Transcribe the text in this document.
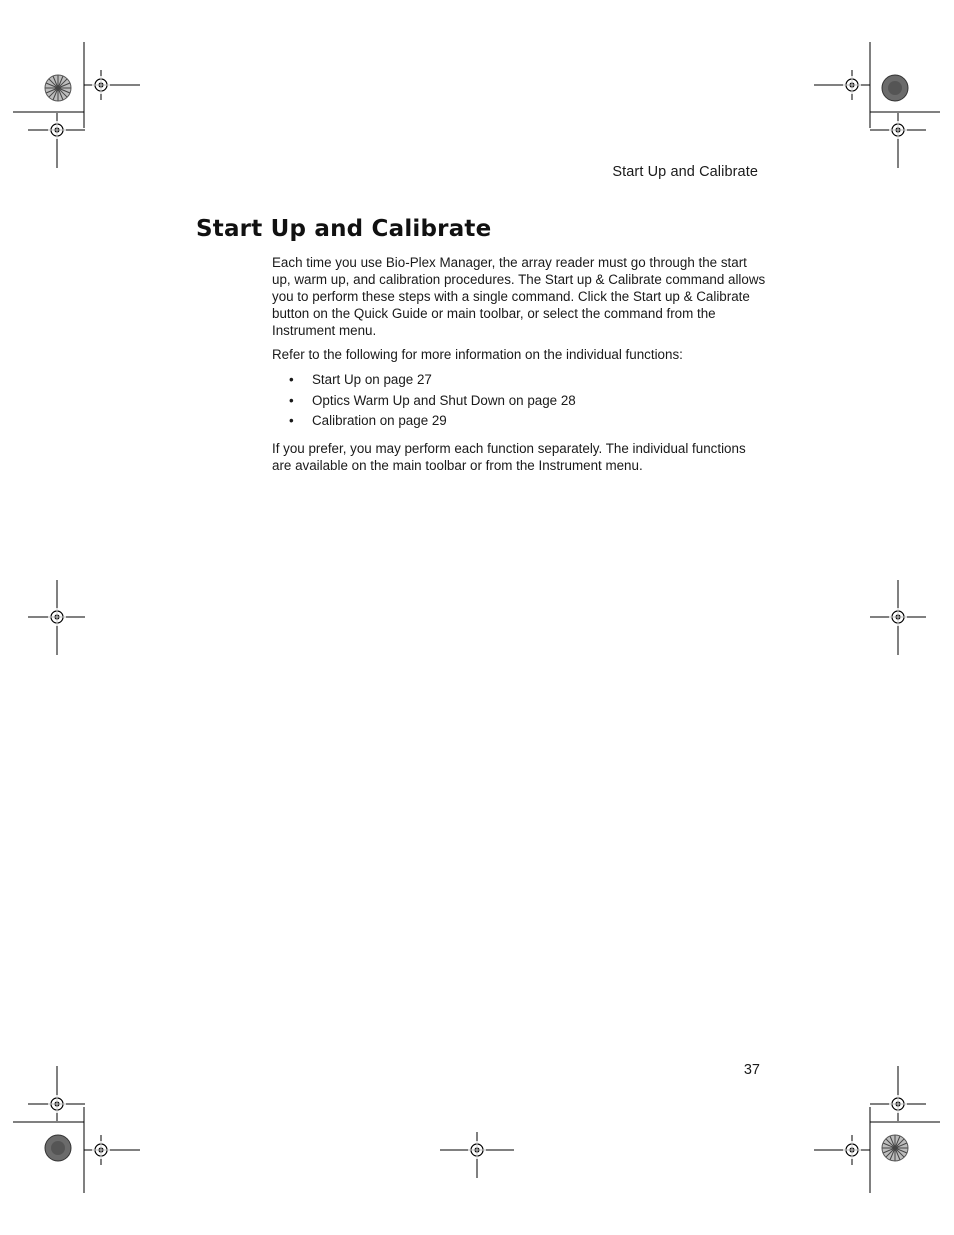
Start Up and Calibrate
Start Up and Calibrate

Each time you use Bio-Plex Manager, the array reader must go through the start up, warm up, and calibration procedures. The Start up & Calibrate command allows you to perform these steps with a single command. Click the Start up & Calibrate button on the Quick Guide or main toolbar, or select the command from the Instrument menu.

Refer to the following for more information on the individual functions:

• Start Up on page 27
• Optics Warm Up and Shut Down on page 28
• Calibration on page 29

If you prefer, you may perform each function separately. The individual functions are available on the main toolbar or from the Instrument menu.

37
